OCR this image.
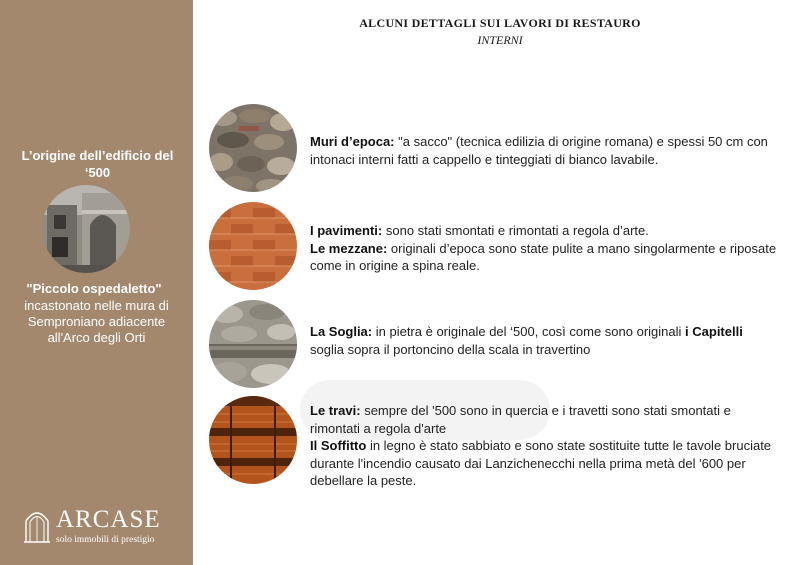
L’origine dell’edificio del ‘500
"Piccolo ospedaletto"
incastonato nelle mura di Semproniano adiacente all'Arco degli Orti
ARCASE
solo immobili di prestigio
ALCUNI DETTAGLI SUI LAVORI DI RESTAURO
INTERNI

Muri d’epoca: "a sacco" (tecnica edilizia di origine romana) e spessi 50 cm con intonaci interni fatti a cappello e tinteggiati di bianco lavabile.

I pavimenti: sono stati smontati e rimontati a regola d’arte.

Le mezzane: originali d’epoca sono state pulite a mano singolarmente e riposate come in origine a spina reale.

La Soglia: in pietra è originale del ‘500, così come sono originali i Capitelli soglia sopra il portoncino della scala in travertino

Le travi: sempre del '500 sono in quercia e i travetti sono stati smontati e rimontati a regola d'arte

Il Soffitto in legno è stato sabbiato e sono state sostituite tutte le tavole bruciate durante l'incendio causato dai Lanzichenecchi nella prima metà del '600 per debellare la peste.
